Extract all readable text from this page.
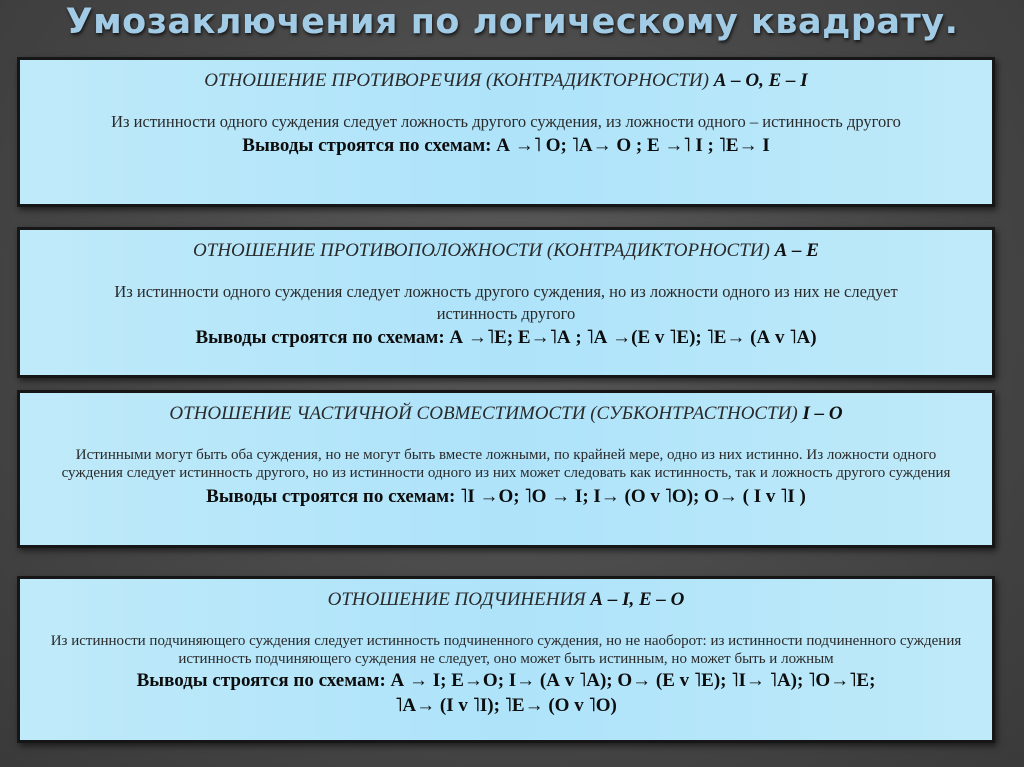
Умозаключения по логическому квадрату.
ОТНОШЕНИЕ ПРОТИВОРЕЧИЯ (КОНТРАДИКТОРНОСТИ) А – О, Е – I
Из истинности одного суждения следует ложность другого суждения, из ложности одного – истинность другого
Выводы строятся по схемам: А →˥ О; ˥А→ О ; Е →˥ I ; ˥Е→ I
ОТНОШЕНИЕ ПРОТИВОПОЛОЖНОСТИ (КОНТРАДИКТОРНОСТИ) А – Е
Из истинности одного суждения следует ложность другого суждения, но из ложности одного из них не следует истинность другого
Выводы строятся по схемам: А →˥Е; Е→˥А ; ˥А →(Е v ˥Е); ˥Е→ (А v ˥А)
ОТНОШЕНИЕ ЧАСТИЧНОЙ СОВМЕСТИМОСТИ (СУБКОНТРАСТНОСТИ) I – O
Истинными могут быть оба суждения, но не могут быть вместе ложными, по крайней мере, одно из них истинно. Из ложности одного суждения следует истинность другого, но из истинности одного из них может следовать как истинность, так и ложность другого суждения
Выводы строятся по схемам: ˥I →О; ˥О → I; I→ (О v ˥О); О→ ( I v ˥I )
ОТНОШЕНИЕ ПОДЧИНЕНИЯ А – I, Е – О
Из истинности подчиняющего суждения следует истинность подчиненного суждения, но не наоборот: из истинности подчиненного суждения истинность подчиняющего суждения не следует, оно может быть истинным, но может быть и ложным
Выводы строятся по схемам: А → I; Е→О; I→ (А v ˥А); О→ (Е v ˥Е); ˥I→ ˥А); ˥О→˥Е;
˥А→ (I v ˥I); ˥Е→ (О v ˥О)
